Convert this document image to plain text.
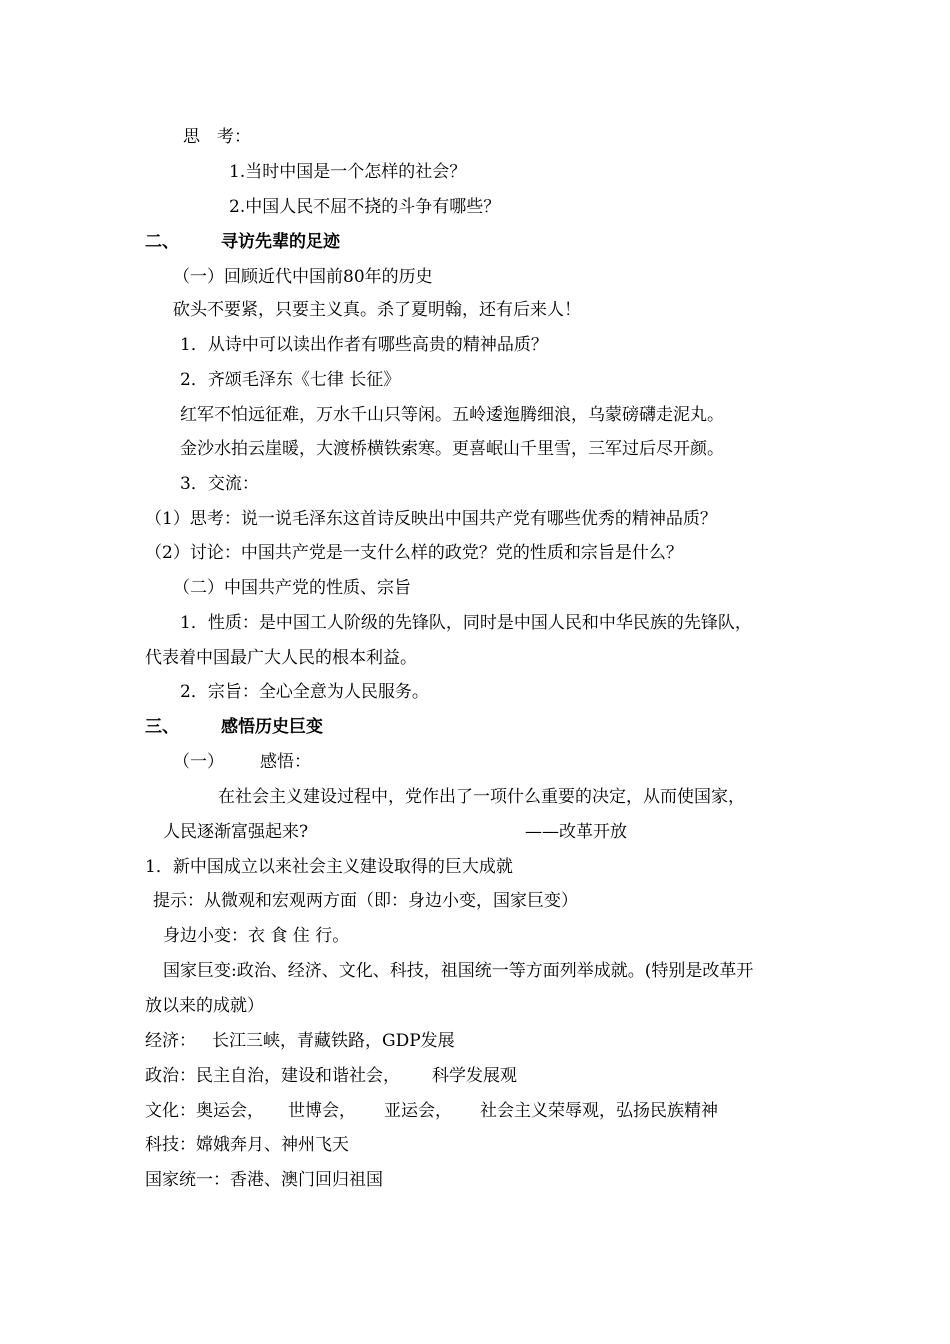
思　考：
1.当时中国是一个怎样的社会？
2.中国人民不屈不挠的斗争有哪些？
二、 寻访先辈的足迹
（一）回顾近代中国前80年的历史
砍头不要紧，只要主义真。杀了夏明翰，还有后来人！
1．从诗中可以读出作者有哪些高贵的精神品质？
2．齐颂毛泽东《七律 长征》
红军不怕远征难，万水千山只等闲。五岭逶迤腾细浪，乌蒙磅礴走泥丸。
金沙水拍云崖暖，大渡桥横铁索寒。更喜岷山千里雪，三军过后尽开颜。
3．交流：
（1）思考：说一说毛泽东这首诗反映出中国共产党有哪些优秀的精神品质？
（2）讨论：中国共产党是一支什么样的政党？党的性质和宗旨是什么？
（二）中国共产党的性质、宗旨
1．性质：是中国工人阶级的先锋队，同时是中国人民和中华民族的先锋队，
代表着中国最广大人民的根本利益。
2．宗旨：全心全意为人民服务。
三、 感悟历史巨变
（一） 感悟：
在社会主义建设过程中，党作出了一项什么重要的决定，从而使国家，
人民逐渐富强起来?	——改革开放
1．新中国成立以来社会主义建设取得的巨大成就
提示：从微观和宏观两方面（即：身边小变，国家巨变）
身边小变：衣 食 住 行。
国家巨变:政治、经济、文化、科技，祖国统一等方面列举成就。(特别是改革开
放以来的成就）
经济： 长江三峡，青藏铁路，GDP发展
政治：民主自治，建设和谐社会， 科学发展观
文化：奥运会， 世博会， 亚运会， 社会主义荣辱观，弘扬民族精神
科技：嫦娥奔月、神州飞天
国家统一：香港、澳门回归祖国
